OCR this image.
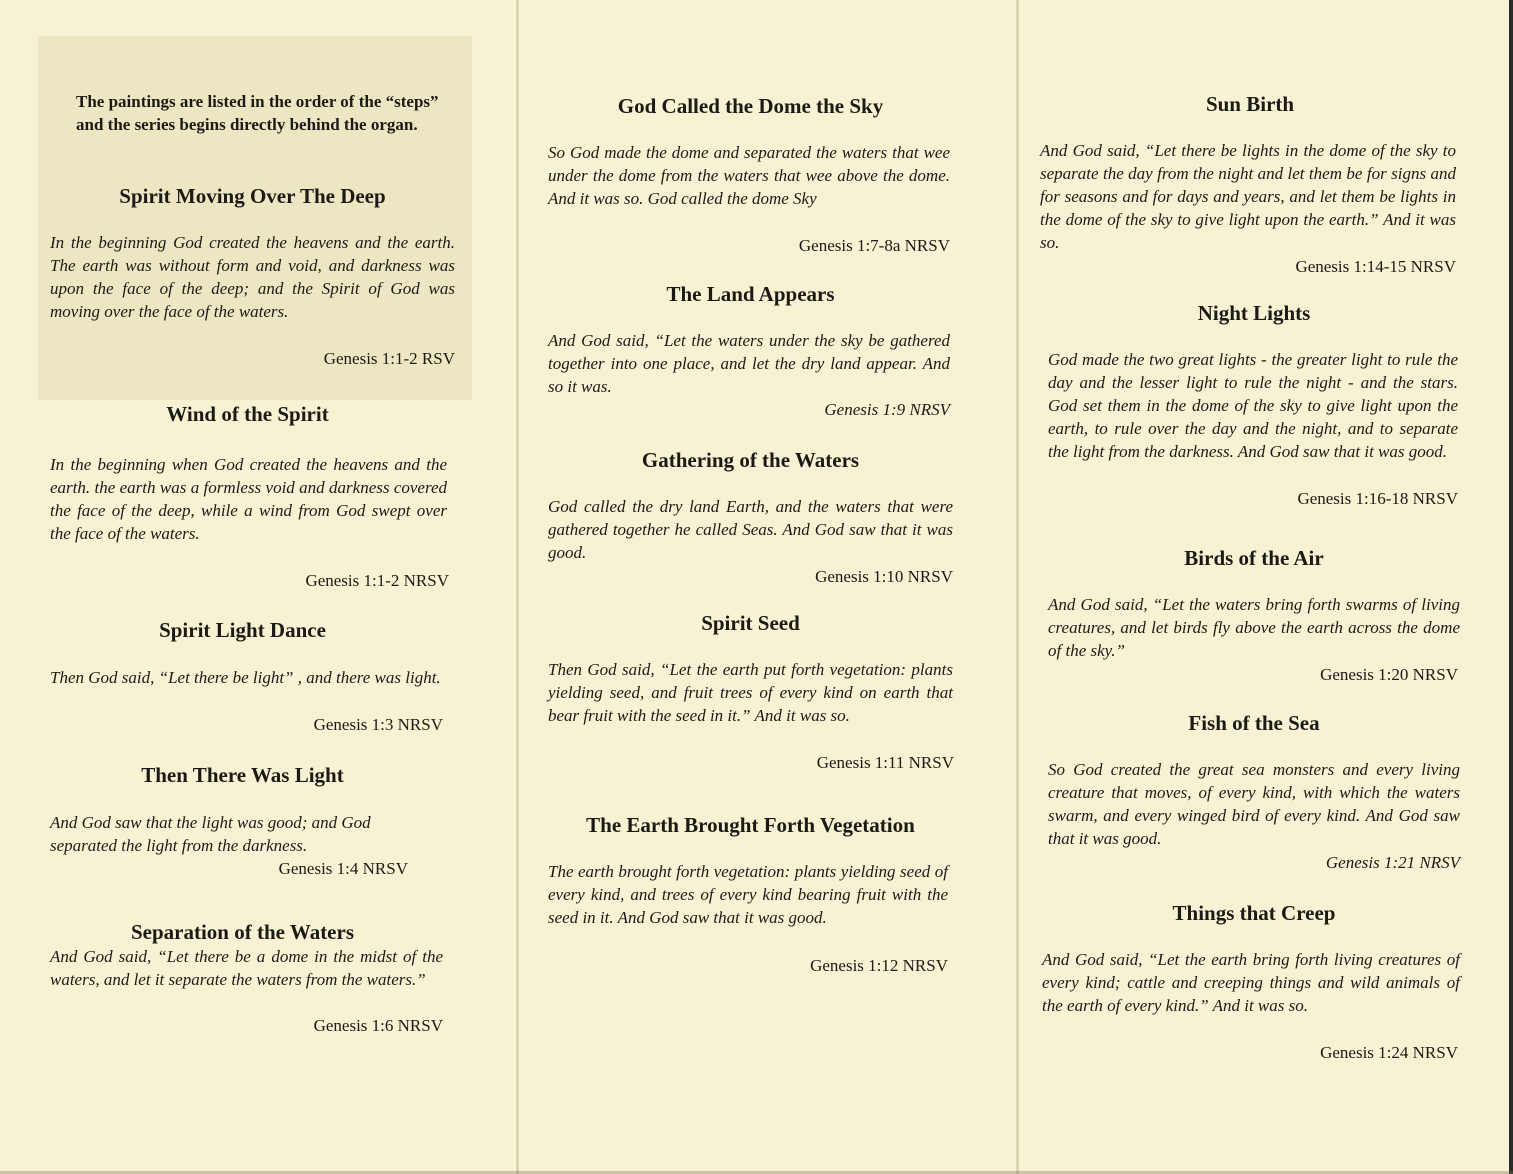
The paintings are listed in the order of the “steps” and the series begins directly behind the organ.
Spirit Moving Over The Deep

In the beginning God created the heavens and the earth. The earth was without form and void, and darkness was upon the face of the deep; and the Spirit of God was moving over the face of the waters.

Genesis 1:1-2 RSV

Wind of the Spirit

In the beginning when God created the heavens and the earth. the earth was a formless void and darkness covered the face of the deep, while a wind from God swept over the face of the waters.

Genesis 1:1-2 NRSV

Spirit Light Dance

Then God said, “Let there be light” , and there was light.

Genesis 1:3 NRSV

Then There Was Light

And God saw that the light was good; and God separated the light from the darkness.

Genesis 1:4 NRSV

Separation of the Waters

And God said, “Let there be a dome in the midst of the waters, and let it separate the waters from the waters.”

Genesis 1:6 NRSV

God Called the Dome the Sky

So God made the dome and separated the waters that wee under the dome from the waters that wee above the dome. And it was so. God called the dome Sky

Genesis 1:7-8a NRSV

The Land Appears

And God said, “Let the waters under the sky be gathered together into one place, and let the dry land appear. And so it was.

Genesis 1:9 NRSV

Gathering of the Waters

God called the dry land Earth, and the waters that were gathered together he called Seas. And God saw that it was good.

Genesis 1:10 NRSV

Spirit Seed

Then God said, “Let the earth put forth vegetation: plants yielding seed, and fruit trees of every kind on earth that bear fruit with the seed in it.” And it was so.

Genesis 1:11 NRSV

The Earth Brought Forth Vegetation

The earth brought forth vegetation: plants yielding seed of every kind, and trees of every kind bearing fruit with the seed in it. And God saw that it was good.

Genesis 1:12 NRSV

Sun Birth

And God said, “Let there be lights in the dome of the sky to separate the day from the night and let them be for signs and for seasons and for days and years, and let them be lights in the dome of the sky to give light upon the earth.” And it was so.

Genesis 1:14-15 NRSV

Night Lights

God made the two great lights - the greater light to rule the day and the lesser light to rule the night - and the stars. God set them in the dome of the sky to give light upon the earth, to rule over the day and the night, and to separate the light from the darkness. And God saw that it was good.

Genesis 1:16-18 NRSV

Birds of the Air

And God said, “Let the waters bring forth swarms of living creatures, and let birds fly above the earth across the dome of the sky.”

Genesis 1:20 NRSV

Fish of the Sea

So God created the great sea monsters and every living creature that moves, of every kind, with which the waters swarm, and every winged bird of every kind. And God saw that it was good.

Genesis 1:21 NRSV

Things that Creep

And God said, “Let the earth bring forth living creatures of every kind; cattle and creeping things and wild animals of the earth of every kind.” And it was so.

Genesis 1:24 NRSV
